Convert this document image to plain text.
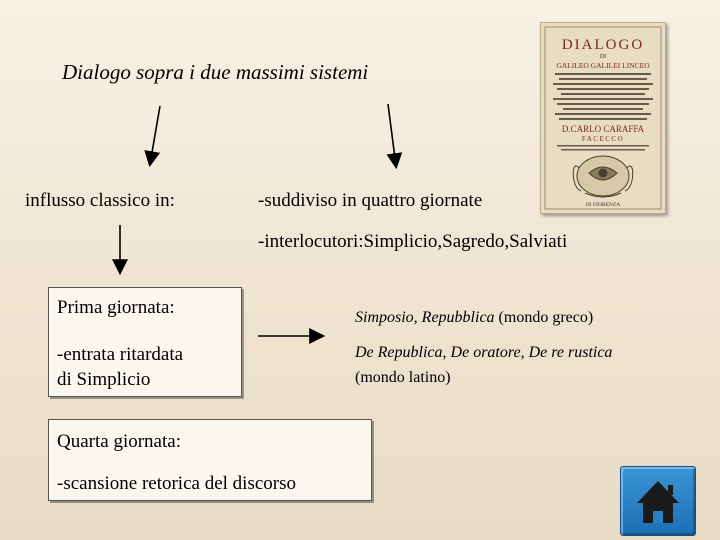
Dialogo sopra i due massimi sistemi
influsso classico in:	-suddiviso in quattro giornate
-interlocutori:Simplicio,Sagredo,Salviati
Prima giornata:
-entrata ritardata
di Simplicio
Simposio, Repubblica (mondo greco)
De Republica, De oratore, De re rustica
(mondo latino)
Quarta giornata:
-scansione retorica del discorso
DIALOGO
DI
GALILEO GALILEI LINCEO
D.CARLO CARAFFA
FACECCO
IN FIORENZA
